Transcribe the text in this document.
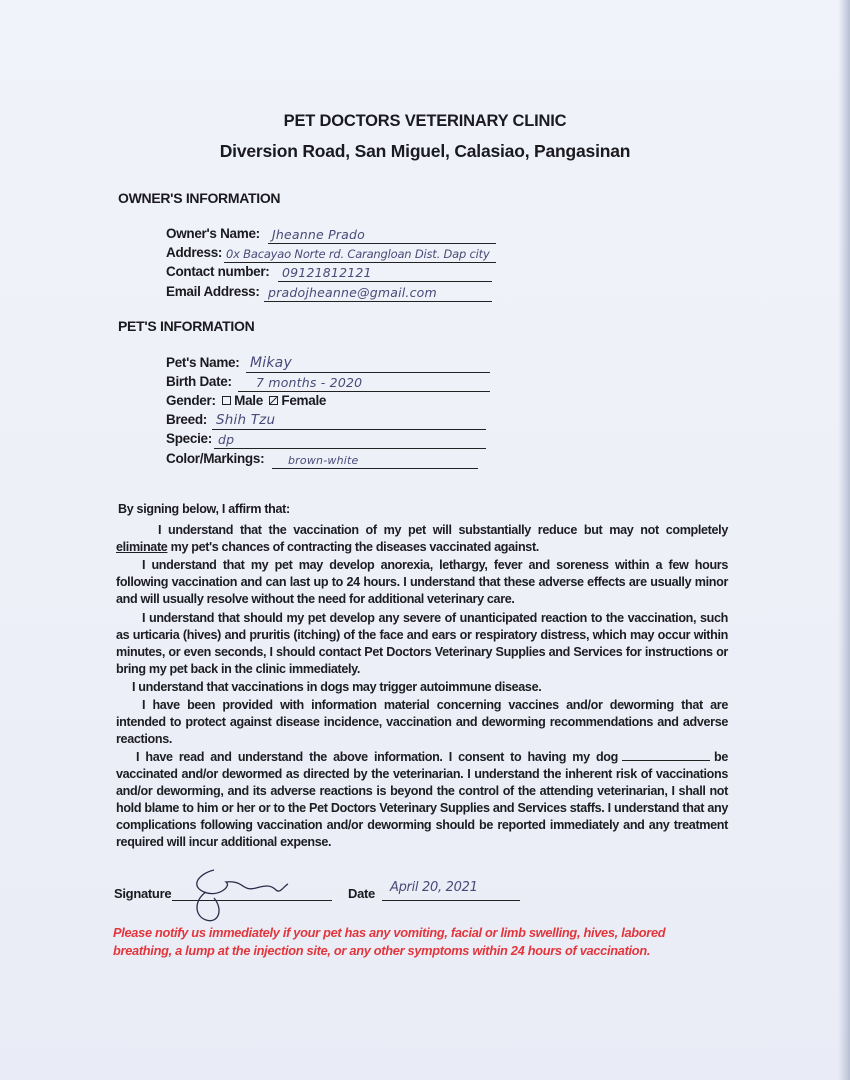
PET DOCTORS VETERINARY CLINIC
Diversion Road, San Miguel, Calasiao, Pangasinan
OWNER'S INFORMATION
Owner's Name: Jheanne Prado
Address: 0x Bacayao Norte rd. Carangloan Dist. Dap city
Contact number: 09121812121
Email Address: pradojheanne@gmail.com
PET'S INFORMATION
Pet's Name: Mikay
Birth Date: 7 months - 2020
Gender: Male Female
Breed: Shih Tzu
Specie: dp
Color/Markings: brown-white
By signing below, I affirm that:
I understand that the vaccination of my pet will substantially reduce but may not completely eliminate my pet's chances of contracting the diseases vaccinated against.
I understand that my pet may develop anorexia, lethargy, fever and soreness within a few hours following vaccination and can last up to 24 hours. I understand that these adverse effects are usually minor and will usually resolve without the need for additional veterinary care.
I understand that should my pet develop any severe of unanticipated reaction to the vaccination, such as urticaria (hives) and pruritis (itching) of the face and ears or respiratory distress, which may occur within minutes, or even seconds, I should contact Pet Doctors Veterinary Supplies and Services for instructions or bring my pet back in the clinic immediately.
I understand that vaccinations in dogs may trigger autoimmune disease.
I have been provided with information material concerning vaccines and/or deworming that are intended to protect against disease incidence, vaccination and deworming recommendations and adverse reactions.
I have read and understand the above information. I consent to having my dog	be vaccinated and/or dewormed as directed by the veterinarian. I understand the inherent risk of vaccinations and/or deworming, and its adverse reactions is beyond the control of the attending veterinarian, I shall not hold blame to him or her or to the Pet Doctors Veterinary Supplies and Services staffs. I understand that any complications following vaccination and/or deworming should be reported immediately and any treatment required will incur additional expense.
Signature	Date April 20, 2021
Please notify us immediately if your pet has any vomiting, facial or limb swelling, hives, labored breathing, a lump at the injection site, or any other symptoms within 24 hours of vaccination.
